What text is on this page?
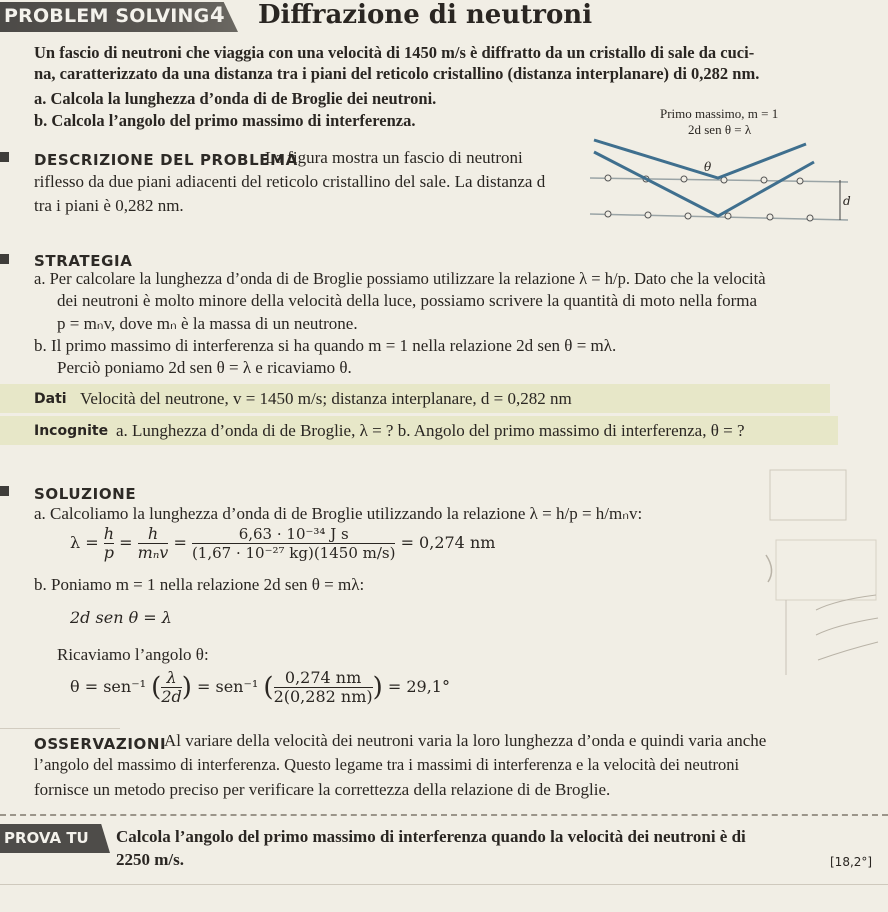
PROBLEM SOLVING 4 Diffrazione di neutroni
Un fascio di neutroni che viaggia con una velocità di 1450 m/s è diffratto da un cristallo di sale da cuci-
na, caratterizzato da una distanza tra i piani del reticolo cristallino (distanza interplanare) di 0,282 nm.
a. Calcola la lunghezza d’onda di de Broglie dei neutroni.
b. Calcola l’angolo del primo massimo di interferenza.	Primo massimo, m = 1
2d sen θ = λ
θ
d
DESCRIZIONE DEL PROBLEMA
La figura mostra un fascio di neutroni
riflesso da due piani adiacenti del reticolo cristallino del sale. La distanza d
tra i piani è 0,282 nm.
STRATEGIA
a. Per calcolare la lunghezza d’onda di de Broglie possiamo utilizzare la relazione λ = h/p. Dato che la velocità
dei neutroni è molto minore della velocità della luce, possiamo scrivere la quantità di moto nella forma
p = mₙv, dove mₙ è la massa di un neutrone.
b. Il primo massimo di interferenza si ha quando m = 1 nella relazione 2d sen θ = mλ.
Perciò poniamo 2d sen θ = λ e ricaviamo θ.
Dati Velocità del neutrone, v = 1450 m/s; distanza interplanare, d = 0,282 nm
Incognite a. Lunghezza d’onda di de Broglie, λ = ? b. Angolo del primo massimo di interferenza, θ = ?
SOLUZIONE
a. Calcoliamo la lunghezza d’onda di de Broglie utilizzando la relazione λ = h/p = h/mₙv:
$\lambda = \frac{h}{p} = \frac{h}{\text{mₙv}} = \frac{\text{6,63 · 10⁻³⁴ J s}}{\text{(1,67 · 10⁻²⁷ kg)(1450 m/s)}} = 0,274$ nm
b. Poniamo m = 1 nella relazione 2d sen θ = mλ:
2d sen θ = λ
Ricaviamo l’angolo θ:
θ = sen⁻¹ ( $\frac{\lambda}{2d}$ ) = sen⁻¹ ( $\frac{0,274 nm}{2(0,282 nm)}$ ) = 29,1°
OSSERVAZIONI
Al variare della velocità dei neutroni varia la loro lunghezza d’onda e quindi varia anche
l’angolo del massimo di interferenza. Questo legame tra i massimi di interferenza e la velocità dei neutroni
fornisce un metodo preciso per verificare la correttezza della relazione di de Broglie.
PROVA TU Calcola l’angolo del primo massimo di interferenza quando la velocità dei neutroni è di
2250 m/s.	[18,2°]
